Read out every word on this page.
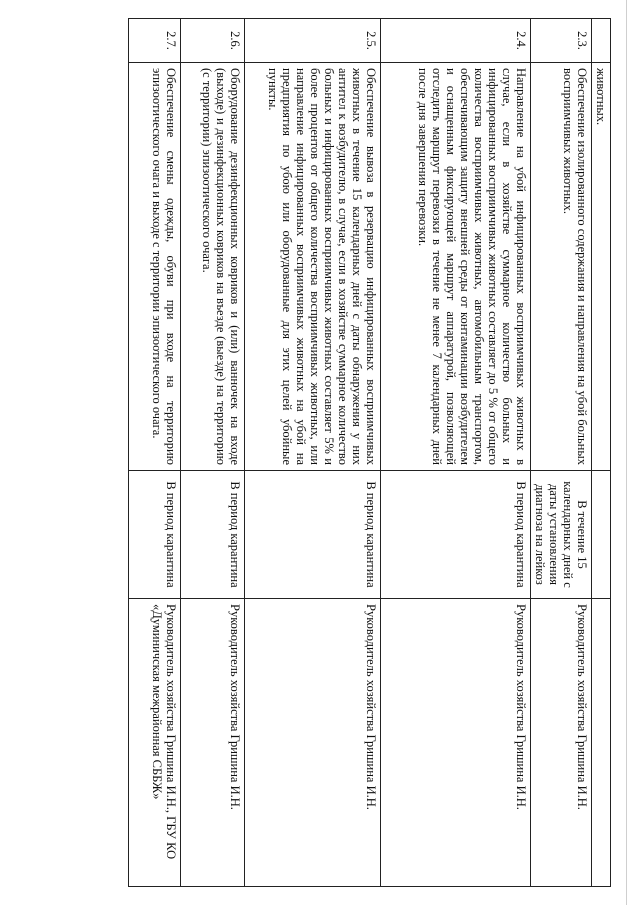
	животных.		
2.3.	Обеспечение изолированного содержания и направления на убой больных восприимчивых животных.	В течение 15 календарных дней с даты установления диагноза на лейкоз	Руководитель хозяйства Гришина И.Н.
2.4.	Направление на убой инфицированных восприимчивых животных в случае, если в хозяйстве суммарное количество больных и инфицированных восприимчивых животных составляет до 5 % от общего количества восприимчивых животных, автомобильным транспортом, обеспечивающим защиту внешней среды от контаминации возбудителем и оснащенным фиксирующей маршрут аппаратурой, позволяющей отследить маршрут перевозки в течение не менее 7 календарных дней после дня завершения перевозки.	В период карантина	Руководитель хозяйства Гришина И.Н.
2.5.	Обеспечение вывоза в резервацию инфицированных восприимчивых животных в течение 15 календарных дней с даты обнаружения у них антител к возбудителю, в случае, если в хозяйстве суммарное количество больных и инфицированных восприимчивых животных составляет 5% и более процентов от общего количества восприимчивых животных, или направление инфицированных восприимчивых животных на убой на предприятия по убою или оборудованные для этих целей убойные пункты.	В период карантина	Руководитель хозяйства Гришина И.Н.
2.6.	Оборудование дезинфекционных ковриков и (или) ванночек на входе (выходе) и дезинфекционных ковриков на въезде (выезде) на территорию (с территории) эпизоотического очага.	В период карантина	Руководитель хозяйства Гришина И.Н.
2.7.	Обеспечение смены одежды, обуви при входе на территорию эпизоотического очага и выходе с территории эпизоотического очага.	В период карантина	Руководитель хозяйства Гришина И.Н., ГБУ КО «Думиничская межрайонная СББЖ»
